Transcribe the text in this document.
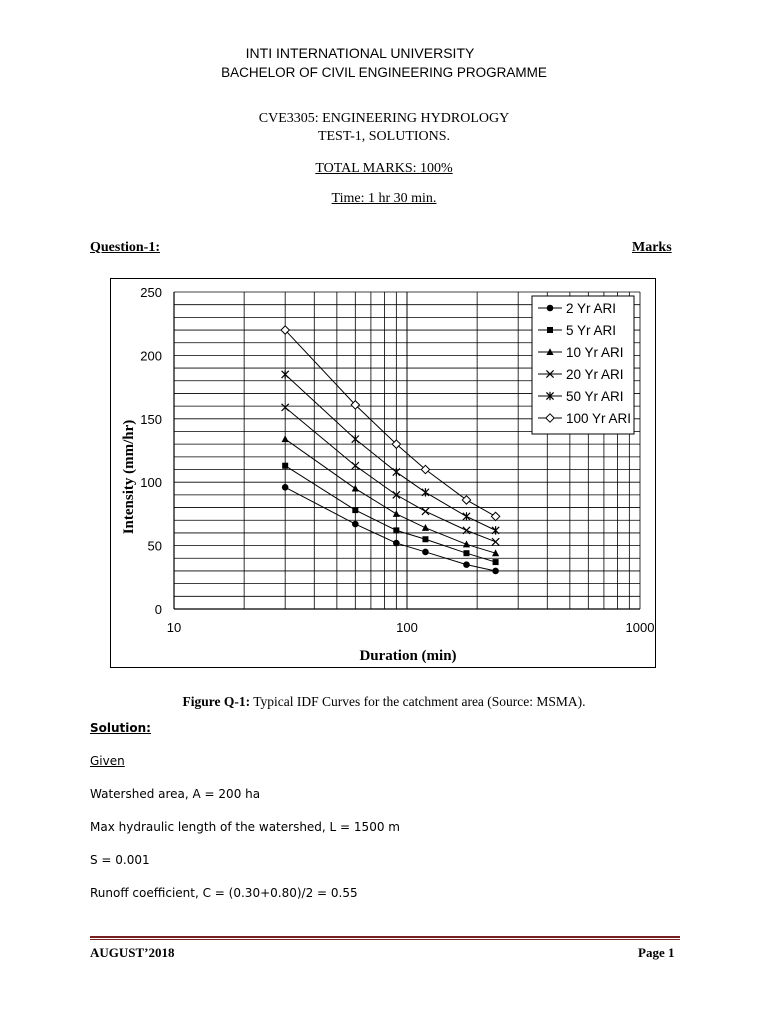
INTI INTERNATIONAL UNIVERSITY
BACHELOR OF CIVIL ENGINEERING PROGRAMME
CVE3305: ENGINEERING HYDROLOGY
TEST-1, SOLUTIONS.
TOTAL MARKS: 100%
Time: 1 hr 30 min.
Question-1:	Marks
0
50
100
150
200
250
10	100	1000
2 Yr ARI
5 Yr ARI
10 Yr ARI
20 Yr ARI
50 Yr ARI
100 Yr ARI
Intensity (mm/hr)
Duration (min)
Figure Q-1: Typical IDF Curves for the catchment area (Source: MSMA).
Solution:
Given
Watershed area, A = 200 ha
Max hydraulic length of the watershed, L = 1500 m
S = 0.001
Runoff coefficient, C = (0.30+0.80)/2 = 0.55
AUGUST’2018	Page 1
